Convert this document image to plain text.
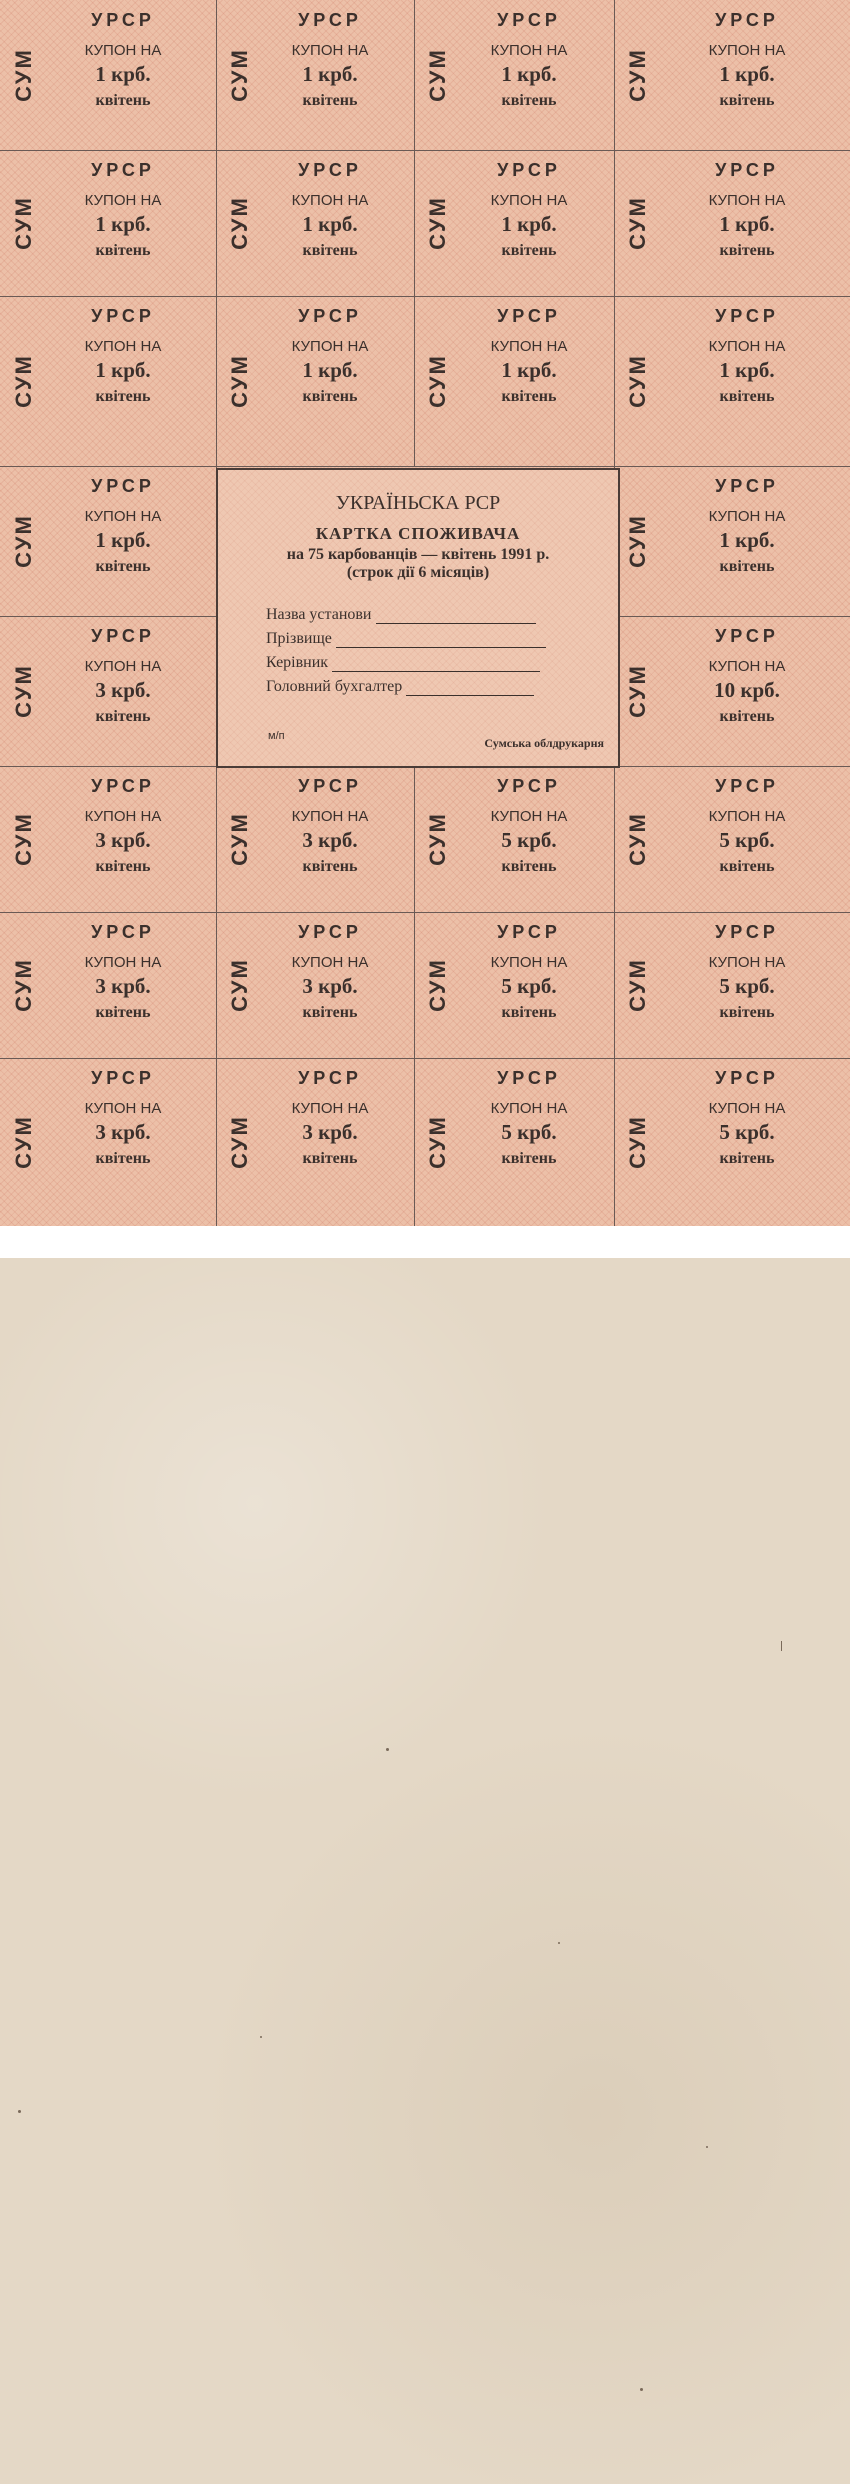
СУМ
УРСР
КУПОН НА
1 крб.
квітень	СУМ
УРСР
КУПОН НА
1 крб.
квітень	СУМ
УРСР
КУПОН НА
1 крб.
квітень	СУМ
УРСР
КУПОН НА
1 крб.
квітень
СУМ
УРСР
КУПОН НА
1 крб.
квітень
СУМ
УРСР
КУПОН НА
1 крб.
квітень
СУМ
УРСР
КУПОН НА
1 крб.
квітень
СУМ
УРСР
КУПОН НА
1 крб.
квітень
СУМ
УРСР
КУПОН НА
1 крб.
квітень	СУМ
УРСР
КУПОН НА
1 крб.
квітень	СУМ
УРСР
КУПОН НА
1 крб.
квітень	СУМ
УРСР
КУПОН НА
1 крб.
квітень
СУМ
УРСР
КУПОН НА
1 крб.
квітень	СУМ
УРСР
КУПОН НА
1 крб.
квітень
СУМ
УРСР
КУПОН НА
3 крб.
квітень	СУМ
УРСР
КУПОН НА
10 крб.
квітень
СУМ
УРСР
КУПОН НА
3 крб.
квітень
СУМ
УРСР
КУПОН НА
3 крб.
квітень
СУМ
УРСР
КУПОН НА
5 крб.
квітень
СУМ
УРСР
КУПОН НА
5 крб.
квітень
СУМ
УРСР
КУПОН НА
3 крб.
квітень
СУМ
УРСР
КУПОН НА
3 крб.
квітень
СУМ
УРСР
КУПОН НА
5 крб.
квітень
СУМ
УРСР
КУПОН НА
5 крб.
квітень
СУМ
УРСР
КУПОН НА
3 крб.
квітень	СУМ
УРСР
КУПОН НА
3 крб.
квітень	СУМ
УРСР
КУПОН НА
5 крб.
квітень	СУМ
УРСР
КУПОН НА
5 крб.
квітень
УКРАЇНЬСКА РСР
КАРТКА СПОЖИВАЧА
на 75 карбованців — квітень 1991 р.
(строк дії 6 місяців)
Назва установи
Прізвище
Керівник
Головний бухгалтер
м/п	Сумська облдрукарня
